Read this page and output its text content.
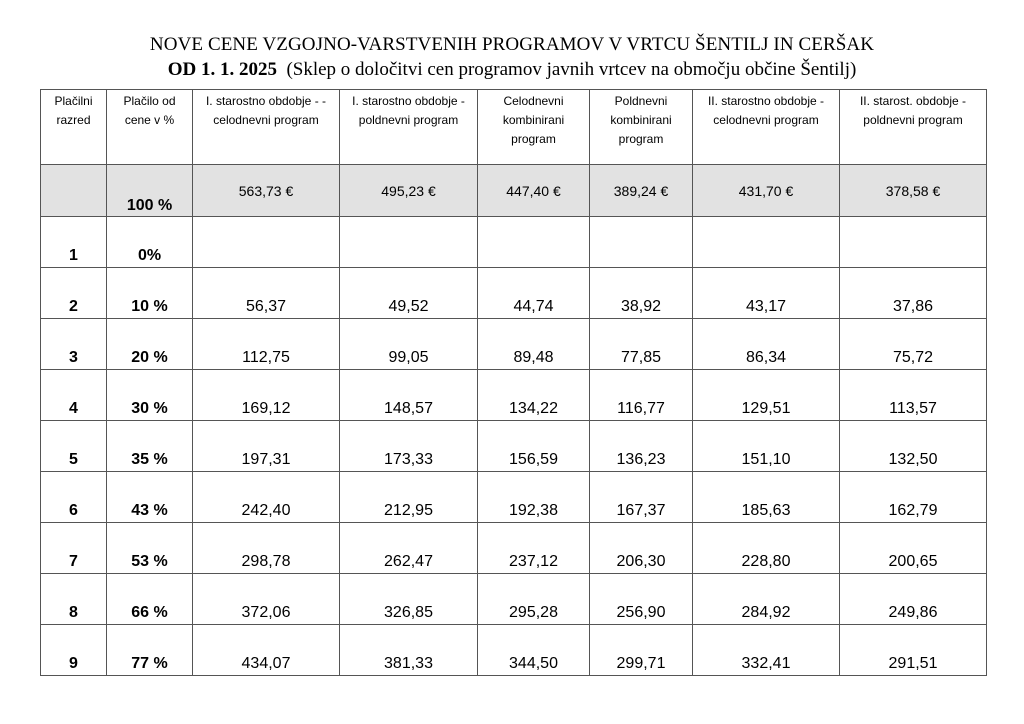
NOVE CENE VZGOJNO-VARSTVENIH PROGRAMOV V VRTCU ŠENTILJ IN CERŠAK
OD 1. 1. 2025 (Sklep o določitvi cen programov javnih vrtcev na območju občine Šentilj)
Plačilni razred	Plačilo od cene v %	I. starostno obdobje - - celodnevni program	I. starostno obdobje - poldnevni program	Celodnevni kombinirani program	Poldnevni kombinirani program	II. starostno obdobje - celodnevni program	II. starost. obdobje - poldnevni program
	100 %	563,73 €	495,23 €	447,40 €	389,24 €	431,70 €	378,58 €
1	0%						
2	10 %	56,37	49,52	44,74	38,92	43,17	37,86
3	20 %	112,75	99,05	89,48	77,85	86,34	75,72
4	30 %	169,12	148,57	134,22	116,77	129,51	113,57
5	35 %	197,31	173,33	156,59	136,23	151,10	132,50
6	43 %	242,40	212,95	192,38	167,37	185,63	162,79
7	53 %	298,78	262,47	237,12	206,30	228,80	200,65
8	66 %	372,06	326,85	295,28	256,90	284,92	249,86
9	77 %	434,07	381,33	344,50	299,71	332,41	291,51
